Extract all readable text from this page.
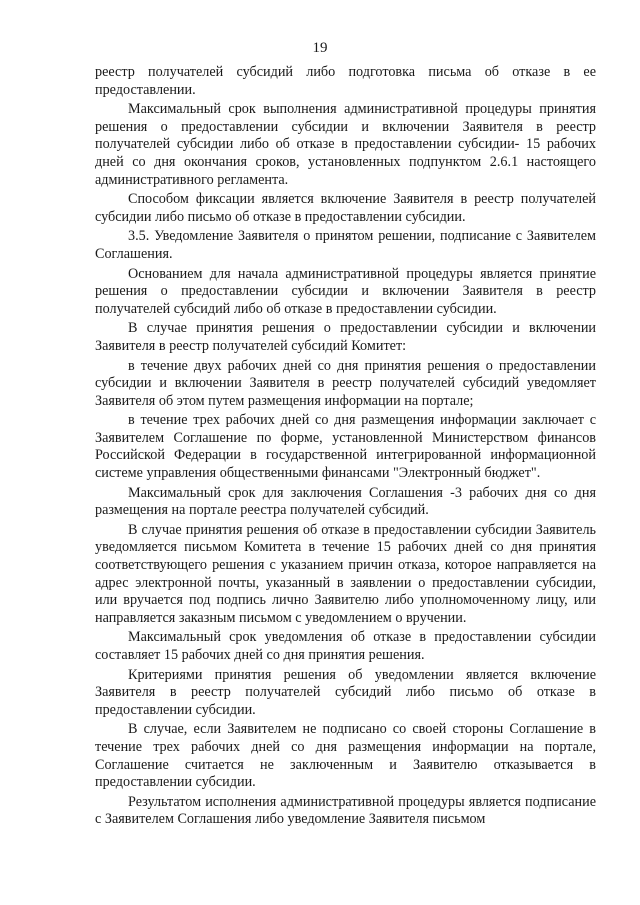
19

реестр получателей субсидий либо подготовка письма об отказе в ее предоставлении.

Максимальный срок выполнения административной процедуры принятия решения о предоставлении субсидии и включении Заявителя в реестр получателей субсидии либо об отказе в предоставлении субсидии- 15 рабочих дней со дня окончания сроков, установленных подпунктом 2.6.1 настоящего административного регламента.

Способом фиксации является включение Заявителя в реестр получателей субсидии либо письмо об отказе в предоставлении субсидии.

3.5. Уведомление Заявителя о принятом решении, подписание с Заявителем Соглашения.

Основанием для начала административной процедуры является принятие решения о предоставлении субсидии и включении Заявителя в реестр получателей субсидий либо об отказе в предоставлении субсидии.

В случае принятия решения о предоставлении субсидии и включении Заявителя в реестр получателей субсидий Комитет:

в течение двух рабочих дней со дня принятия решения о предоставлении субсидии и включении Заявителя в реестр получателей субсидий уведомляет Заявителя об этом путем размещения информации на портале;

в течение трех рабочих дней со дня размещения информации заключает с Заявителем Соглашение по форме, установленной Министерством финансов Российской Федерации в государственной интегрированной информационной системе управления общественными финансами "Электронный бюджет".

Максимальный срок для заключения Соглашения -3 рабочих дня со дня размещения на портале реестра получателей субсидий.

В случае принятия решения об отказе в предоставлении субсидии Заявитель уведомляется письмом Комитета в течение 15 рабочих дней со дня принятия соответствующего решения с указанием причин отказа, которое направляется на адрес электронной почты, указанный в заявлении о предоставлении субсидии, или вручается под подпись лично Заявителю либо уполномоченному лицу, или направляется заказным письмом с уведомлением о вручении.

Максимальный срок уведомления об отказе в предоставлении субсидии составляет 15 рабочих дней со дня принятия решения.

Критериями принятия решения об уведомлении является включение Заявителя в реестр получателей субсидий либо письмо об отказе в предоставлении субсидии.

В случае, если Заявителем не подписано со своей стороны Соглашение в течение трех рабочих дней со дня размещения информации на портале, Соглашение считается не заключенным и Заявителю отказывается в предоставлении субсидии.

Результатом исполнения административной процедуры является подписание с Заявителем Соглашения либо уведомление Заявителя письмом
